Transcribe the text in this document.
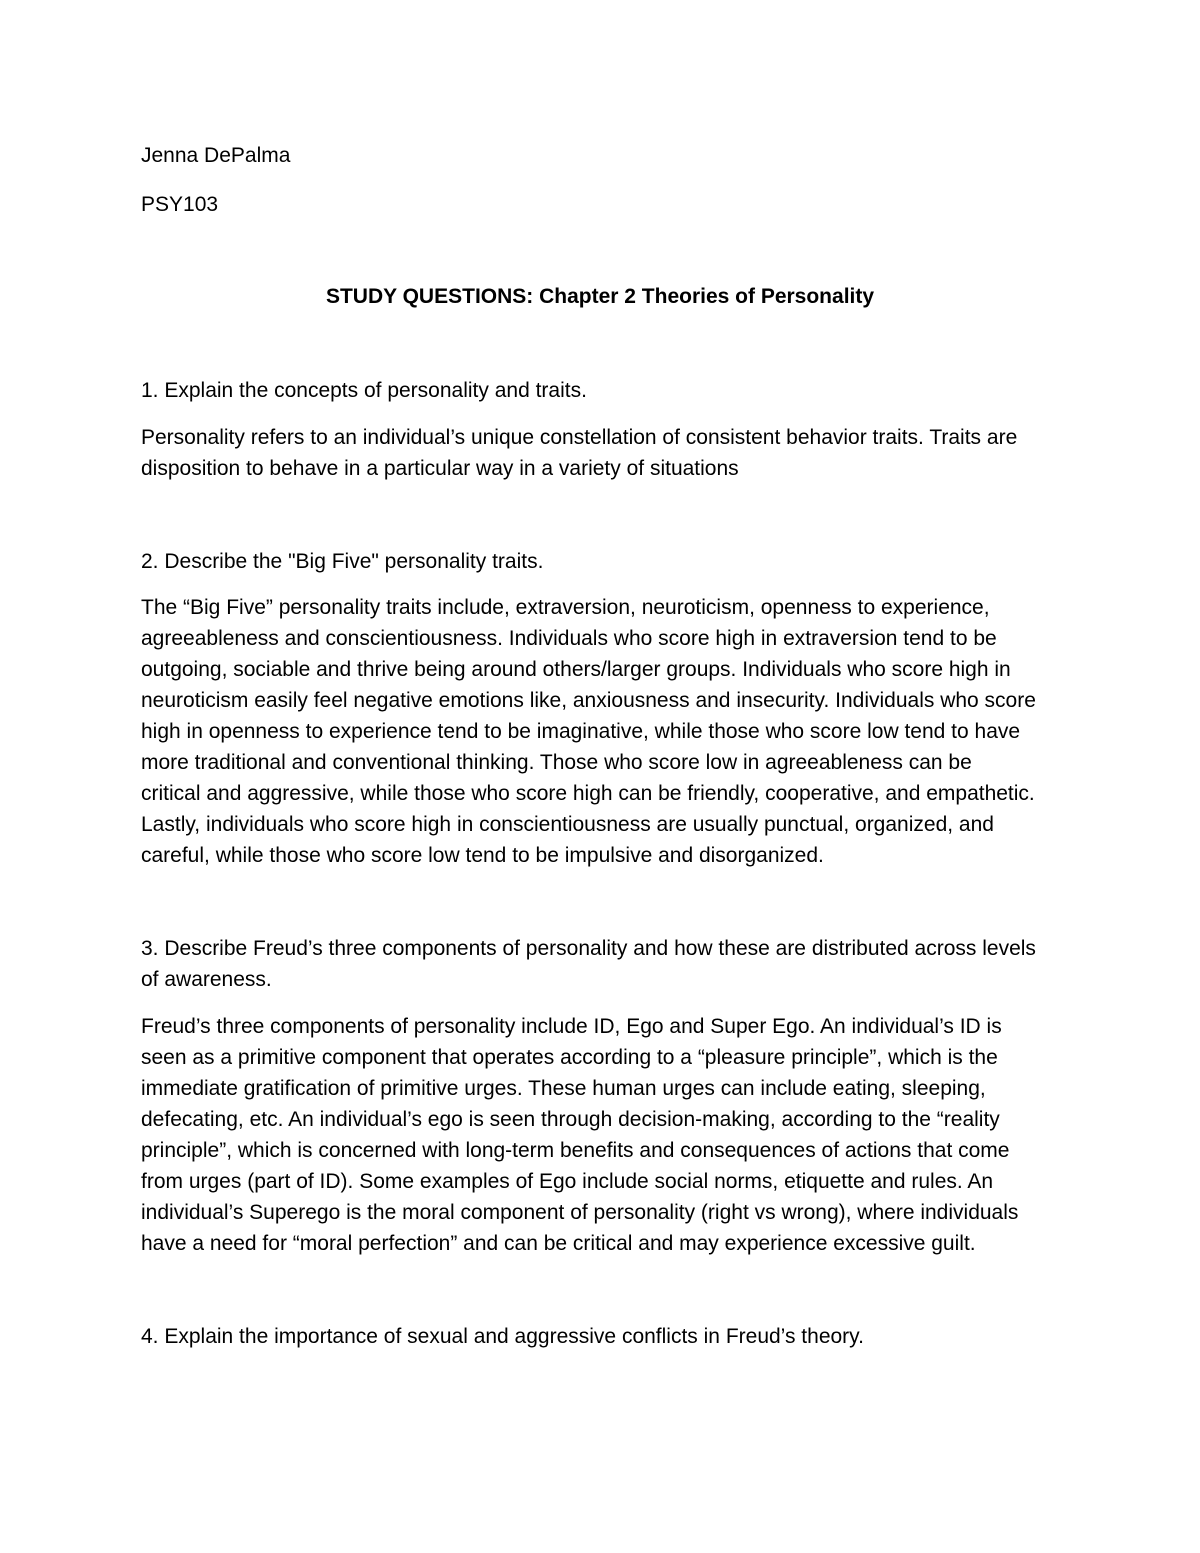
Jenna DePalma

PSY103

STUDY QUESTIONS: Chapter 2 Theories of Personality

1. Explain the concepts of personality and traits.

Personality refers to an individual’s unique constellation of consistent behavior traits. Traits are

disposition to behave in a particular way in a variety of situations

2. Describe the "Big Five" personality traits.

The “Big Five” personality traits include, extraversion, neuroticism, openness to experience,

agreeableness and conscientiousness. Individuals who score high in extraversion tend to be

outgoing, sociable and thrive being around others/larger groups. Individuals who score high in

neuroticism easily feel negative emotions like, anxiousness and insecurity. Individuals who score

high in openness to experience tend to be imaginative, while those who score low tend to have

more traditional and conventional thinking. Those who score low in agreeableness can be

critical and aggressive, while those who score high can be friendly, cooperative, and empathetic.

Lastly, individuals who score high in conscientiousness are usually punctual, organized, and

careful, while those who score low tend to be impulsive and disorganized.

3. Describe Freud’s three components of personality and how these are distributed across levels

of awareness.

Freud’s three components of personality include ID, Ego and Super Ego. An individual’s ID is

seen as a primitive component that operates according to a “pleasure principle”, which is the

immediate gratification of primitive urges. These human urges can include eating, sleeping,

defecating, etc. An individual’s ego is seen through decision-making, according to the “reality

principle”, which is concerned with long-term benefits and consequences of actions that come

from urges (part of ID). Some examples of Ego include social norms, etiquette and rules. An

individual’s Superego is the moral component of personality (right vs wrong), where individuals

have a need for “moral perfection” and can be critical and may experience excessive guilt.

4. Explain the importance of sexual and aggressive conflicts in Freud’s theory.
